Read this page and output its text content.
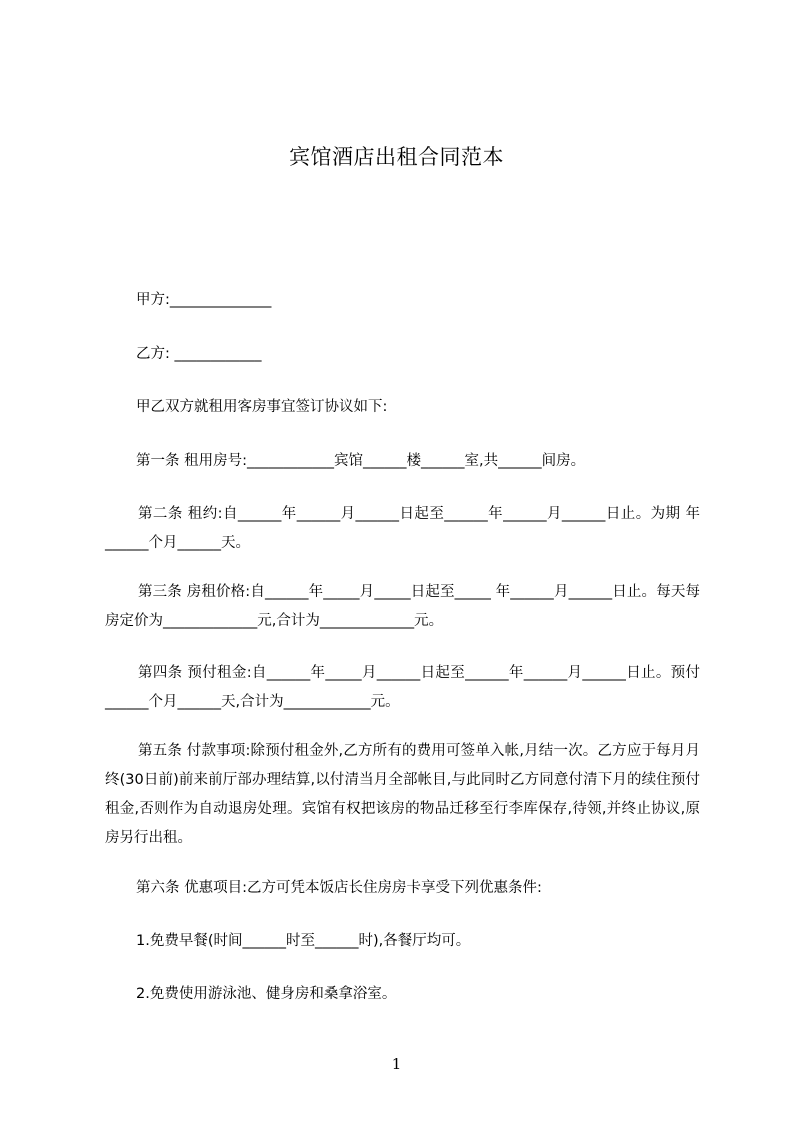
宾馆酒店出租合同范本
甲方:______________
乙方: ____________
甲乙双方就租用客房事宜签订协议如下:
第一条 租用房号:____________宾馆______楼______室,共______间房。
第二条 租约:自______年______月______日起至______年______月______日止。为期 年______个月______天。
第三条 房租价格:自______年_____月_____日起至_____ 年______月______日止。每天每房定价为_____________元,合计为_____________元。
第四条 预付租金:自______年_____月______日起至______年______月______日止。预付______个月______天,合计为____________元。
第五条 付款事项:除预付租金外,乙方所有的费用可签单入帐,月结一次。乙方应于每月月终(30日前)前来前厅部办理结算,以付清当月全部帐目,与此同时乙方同意付清下月的续住预付租金,否则作为自动退房处理。宾馆有权把该房的物品迁移至行李库保存,待领,并终止协议,原房另行出租。
第六条 优惠项目:乙方可凭本饭店长住房房卡享受下列优惠条件:
1.免费早餐(时间______时至______时),各餐厅均可。
2.免费使用游泳池、健身房和桑拿浴室。
1
